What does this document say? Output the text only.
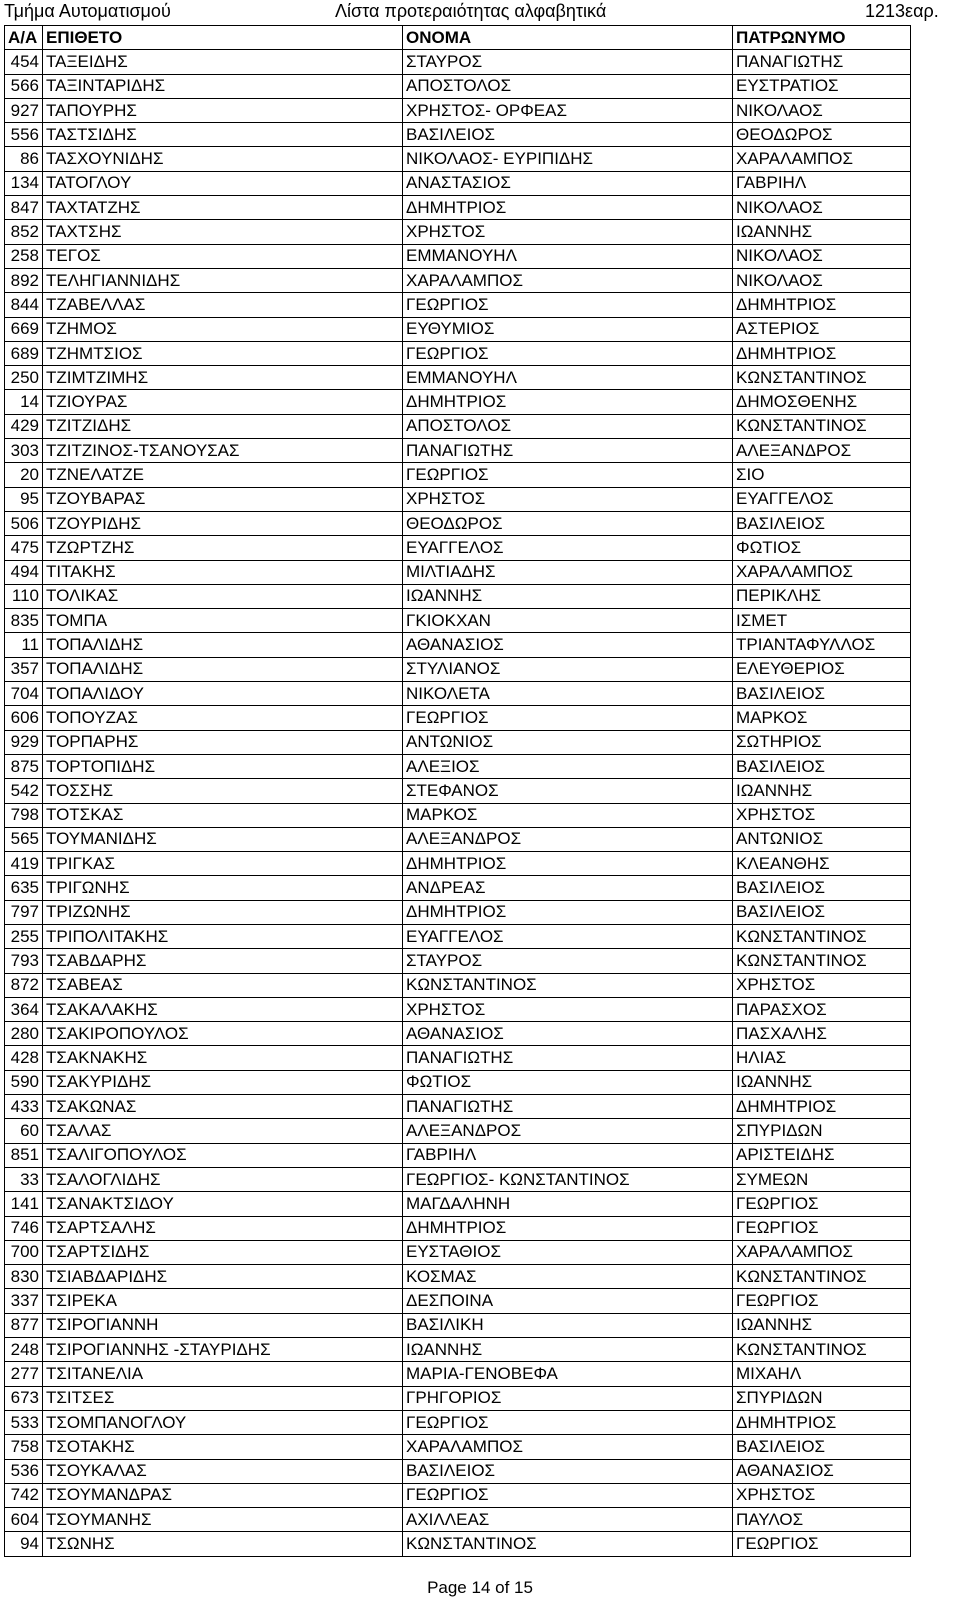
Τμήμα Αυτοματισμού	Λίστα προτεραιότητας αλφαβητικά	1213εαρ.
Α/Α	ΕΠΙΘΕΤΟ	ΟΝΟΜΑ	ΠΑΤΡΩΝΥΜΟ
454	ΤΑΞΕΙΔΗΣ	ΣΤΑΥΡΟΣ	ΠΑΝΑΓΙΩΤΗΣ
566	ΤΑΞΙΝΤΑΡΙΔΗΣ	ΑΠΟΣΤΟΛΟΣ	ΕΥΣΤΡΑΤΙΟΣ
927	ΤΑΠΟΥΡΗΣ	ΧΡΗΣΤΟΣ- ΟΡΦΕΑΣ	ΝΙΚΟΛΑΟΣ
556	ΤΑΣΤΣΙΔΗΣ	ΒΑΣΙΛΕΙΟΣ	ΘΕΟΔΩΡΟΣ
86	ΤΑΣΧΟΥΝΙΔΗΣ	ΝΙΚΟΛΑΟΣ- ΕΥΡΙΠΙΔΗΣ	ΧΑΡΑΛΑΜΠΟΣ
134	ΤΑΤΟΓΛΟΥ	ΑΝΑΣΤΑΣΙΟΣ	ΓΑΒΡΙΗΛ
847	ΤΑΧΤΑΤΖΗΣ	ΔΗΜΗΤΡΙΟΣ	ΝΙΚΟΛΑΟΣ
852	ΤΑΧΤΣΗΣ	ΧΡΗΣΤΟΣ	ΙΩΑΝΝΗΣ
258	ΤΕΓΟΣ	ΕΜΜΑΝΟΥΗΛ	ΝΙΚΟΛΑΟΣ
892	ΤΕΛΗΓΙΑΝΝΙΔΗΣ	ΧΑΡΑΛΑΜΠΟΣ	ΝΙΚΟΛΑΟΣ
844	ΤΖΑΒΕΛΛΑΣ	ΓΕΩΡΓΙΟΣ	ΔΗΜΗΤΡΙΟΣ
669	ΤΖΗΜΟΣ	ΕΥΘΥΜΙΟΣ	ΑΣΤΕΡΙΟΣ
689	ΤΖΗΜΤΣΙΟΣ	ΓΕΩΡΓΙΟΣ	ΔΗΜΗΤΡΙΟΣ
250	ΤΖΙΜΤΖΙΜΗΣ	ΕΜΜΑΝΟΥΗΛ	ΚΩΝΣΤΑΝΤΙΝΟΣ
14	ΤΖΙΟΥΡΑΣ	ΔΗΜΗΤΡΙΟΣ	ΔΗΜΟΣΘΕΝΗΣ
429	ΤΖΙΤΖΙΔΗΣ	ΑΠΟΣΤΟΛΟΣ	ΚΩΝΣΤΑΝΤΙΝΟΣ
303	ΤΖΙΤΖΙΝΟΣ-ΤΣΑΝΟΥΣΑΣ	ΠΑΝΑΓΙΩΤΗΣ	ΑΛΕΞΑΝΔΡΟΣ
20	ΤΖΝΕΛΑΤΖΕ	ΓΕΩΡΓΙΟΣ	ΣΙΟ
95	ΤΖΟΥΒΑΡΑΣ	ΧΡΗΣΤΟΣ	ΕΥΑΓΓΕΛΟΣ
506	ΤΖΟΥΡΙΔΗΣ	ΘΕΟΔΩΡΟΣ	ΒΑΣΙΛΕΙΟΣ
475	ΤΖΩΡΤΖΗΣ	ΕΥΑΓΓΕΛΟΣ	ΦΩΤΙΟΣ
494	ΤΙΤΑΚΗΣ	ΜΙΛΤΙΑΔΗΣ	ΧΑΡΑΛΑΜΠΟΣ
110	ΤΟΛΙΚΑΣ	ΙΩΑΝΝΗΣ	ΠΕΡΙΚΛΗΣ
835	ΤΟΜΠΑ	ΓΚΙΟΚΧΑΝ	ΙΣΜΕΤ
11	ΤΟΠΑΛΙΔΗΣ	ΑΘΑΝΑΣΙΟΣ	ΤΡΙΑΝΤΑΦΥΛΛΟΣ
357	ΤΟΠΑΛΙΔΗΣ	ΣΤΥΛΙΑΝΟΣ	ΕΛΕΥΘΕΡΙΟΣ
704	ΤΟΠΑΛΙΔΟΥ	ΝΙΚΟΛΕΤΑ	ΒΑΣΙΛΕΙΟΣ
606	ΤΟΠΟΥΖΑΣ	ΓΕΩΡΓΙΟΣ	ΜΑΡΚΟΣ
929	ΤΟΡΠΑΡΗΣ	ΑΝΤΩΝΙΟΣ	ΣΩΤΗΡΙΟΣ
875	ΤΟΡΤΟΠΙΔΗΣ	ΑΛΕΞΙΟΣ	ΒΑΣΙΛΕΙΟΣ
542	ΤΟΣΣΗΣ	ΣΤΕΦΑΝΟΣ	ΙΩΑΝΝΗΣ
798	ΤΟΤΣΚΑΣ	ΜΑΡΚΟΣ	ΧΡΗΣΤΟΣ
565	ΤΟΥΜΑΝΙΔΗΣ	ΑΛΕΞΑΝΔΡΟΣ	ΑΝΤΩΝΙΟΣ
419	ΤΡΙΓΚΑΣ	ΔΗΜΗΤΡΙΟΣ	ΚΛΕΑΝΘΗΣ
635	ΤΡΙΓΩΝΗΣ	ΑΝΔΡΕΑΣ	ΒΑΣΙΛΕΙΟΣ
797	ΤΡΙΖΩΝΗΣ	ΔΗΜΗΤΡΙΟΣ	ΒΑΣΙΛΕΙΟΣ
255	ΤΡΙΠΟΛΙΤΑΚΗΣ	ΕΥΑΓΓΕΛΟΣ	ΚΩΝΣΤΑΝΤΙΝΟΣ
793	ΤΣΑΒΔΑΡΗΣ	ΣΤΑΥΡΟΣ	ΚΩΝΣΤΑΝΤΙΝΟΣ
872	ΤΣΑΒΕΑΣ	ΚΩΝΣΤΑΝΤΙΝΟΣ	ΧΡΗΣΤΟΣ
364	ΤΣΑΚΑΛΑΚΗΣ	ΧΡΗΣΤΟΣ	ΠΑΡΑΣΧΟΣ
280	ΤΣΑΚΙΡΟΠΟΥΛΟΣ	ΑΘΑΝΑΣΙΟΣ	ΠΑΣΧΑΛΗΣ
428	ΤΣΑΚΝΑΚΗΣ	ΠΑΝΑΓΙΩΤΗΣ	ΗΛΙΑΣ
590	ΤΣΑΚΥΡΙΔΗΣ	ΦΩΤΙΟΣ	ΙΩΑΝΝΗΣ
433	ΤΣΑΚΩΝΑΣ	ΠΑΝΑΓΙΩΤΗΣ	ΔΗΜΗΤΡΙΟΣ
60	ΤΣΑΛΑΣ	ΑΛΕΞΑΝΔΡΟΣ	ΣΠΥΡΙΔΩΝ
851	ΤΣΑΛΙΓΟΠΟΥΛΟΣ	ΓΑΒΡΙΗΛ	ΑΡΙΣΤΕΙΔΗΣ
33	ΤΣΑΛΟΓΛΙΔΗΣ	ΓΕΩΡΓΙΟΣ- ΚΩΝΣΤΑΝΤΙΝΟΣ	ΣΥΜΕΩΝ
141	ΤΣΑΝΑΚΤΣΙΔΟΥ	ΜΑΓΔΑΛΗΝΗ	ΓΕΩΡΓΙΟΣ
746	ΤΣΑΡΤΣΑΛΗΣ	ΔΗΜΗΤΡΙΟΣ	ΓΕΩΡΓΙΟΣ
700	ΤΣΑΡΤΣΙΔΗΣ	ΕΥΣΤΑΘΙΟΣ	ΧΑΡΑΛΑΜΠΟΣ
830	ΤΣΙΑΒΔΑΡΙΔΗΣ	ΚΟΣΜΑΣ	ΚΩΝΣΤΑΝΤΙΝΟΣ
337	ΤΣΙΡΕΚΑ	ΔΕΣΠΟΙΝΑ	ΓΕΩΡΓΙΟΣ
877	ΤΣΙΡΟΓΙΑΝΝΗ	ΒΑΣΙΛΙΚΗ	ΙΩΑΝΝΗΣ
248	ΤΣΙΡΟΓΙΑΝΝΗΣ -ΣΤΑΥΡΙΔΗΣ	ΙΩΑΝΝΗΣ	ΚΩΝΣΤΑΝΤΙΝΟΣ
277	ΤΣΙΤΑΝΕΛΙΑ	ΜΑΡΙΑ-ΓΕΝΟΒΕΦΑ	ΜΙΧΑΗΛ
673	ΤΣΙΤΣΕΣ	ΓΡΗΓΟΡΙΟΣ	ΣΠΥΡΙΔΩΝ
533	ΤΣΟΜΠΑΝΟΓΛΟΥ	ΓΕΩΡΓΙΟΣ	ΔΗΜΗΤΡΙΟΣ
758	ΤΣΟΤΑΚΗΣ	ΧΑΡΑΛΑΜΠΟΣ	ΒΑΣΙΛΕΙΟΣ
536	ΤΣΟΥΚΑΛΑΣ	ΒΑΣΙΛΕΙΟΣ	ΑΘΑΝΑΣΙΟΣ
742	ΤΣΟΥΜΑΝΔΡΑΣ	ΓΕΩΡΓΙΟΣ	ΧΡΗΣΤΟΣ
604	ΤΣΟΥΜΑΝΗΣ	ΑΧΙΛΛΕΑΣ	ΠΑΥΛΟΣ
94	ΤΣΩΝΗΣ	ΚΩΝΣΤΑΝΤΙΝΟΣ	ΓΕΩΡΓΙΟΣ
Page 14 of 15
